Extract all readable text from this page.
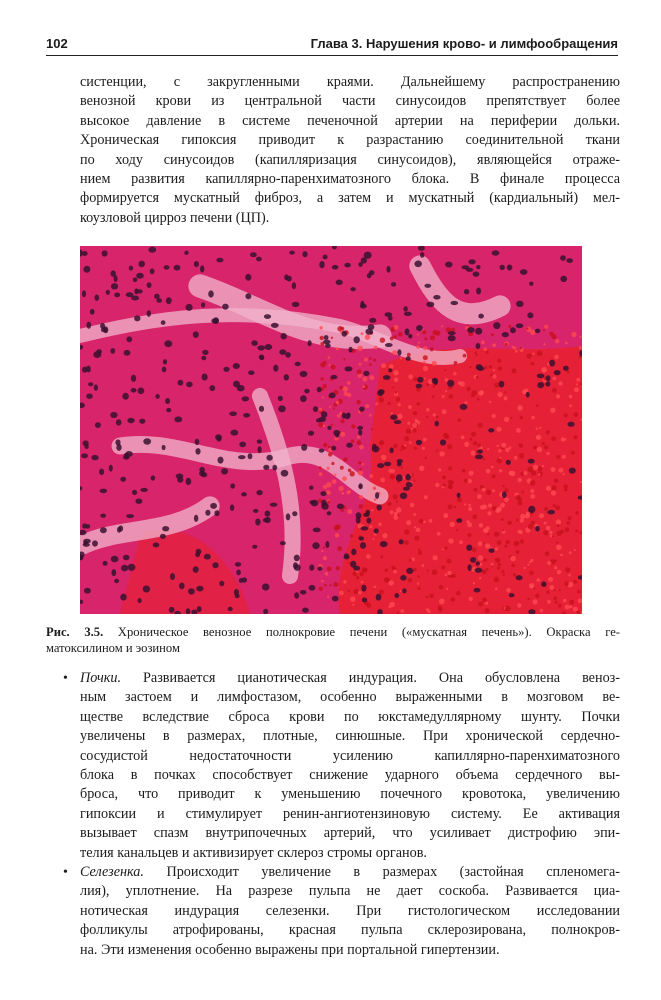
102	Глава 3. Нарушения крово- и лимфообращения
систенции, с закругленными краями. Дальнейшему распространению
венозной крови из центральной части синусоидов препятствует более
высокое давление в системе печеночной артерии на периферии дольки.
Хроническая гипоксия приводит к разрастанию соединительной ткани
по ходу синусоидов (капилляризация синусоидов), являющейся отраже-
нием развития капиллярно-паренхиматозного блока. В финале процесса
формируется мускатный фиброз, а затем и мускатный (кардиальный) мел-
коузловой цирроз печени (ЦП).
Рис. 3.5. Хроническое венозное полнокровие печени («мускатная печень»). Окраска ге-
матоксилином и эозином
• Почки. Развивается цианотическая индурация. Она обусловлена веноз-
ным застоем и лимфостазом, особенно выраженными в мозговом ве-
ществе вследствие сброса крови по юкстамедуллярному шунту. Почки
увеличены в размерах, плотные, синюшные. При хронической сердечно-
сосудистой недостаточности усилению капиллярно-паренхиматозного
блока в почках способствует снижение ударного объема сердечного вы-
броса, что приводит к уменьшению почечного кровотока, увеличению
гипоксии и стимулирует ренин-ангиотензиновую систему. Ее активация
вызывает спазм внутрипочечных артерий, что усиливает дистрофию эпи-
телия канальцев и активизирует склероз стромы органов.
• Селезенка. Происходит увеличение в размерах (застойная спленомега-
лия), уплотнение. На разрезе пульпа не дает соскоба. Развивается циа-
нотическая индурация селезенки. При гистологическом исследовании
фолликулы атрофированы, красная пульпа склерозирована, полнокров-
на. Эти изменения особенно выражены при портальной гипертензии.
